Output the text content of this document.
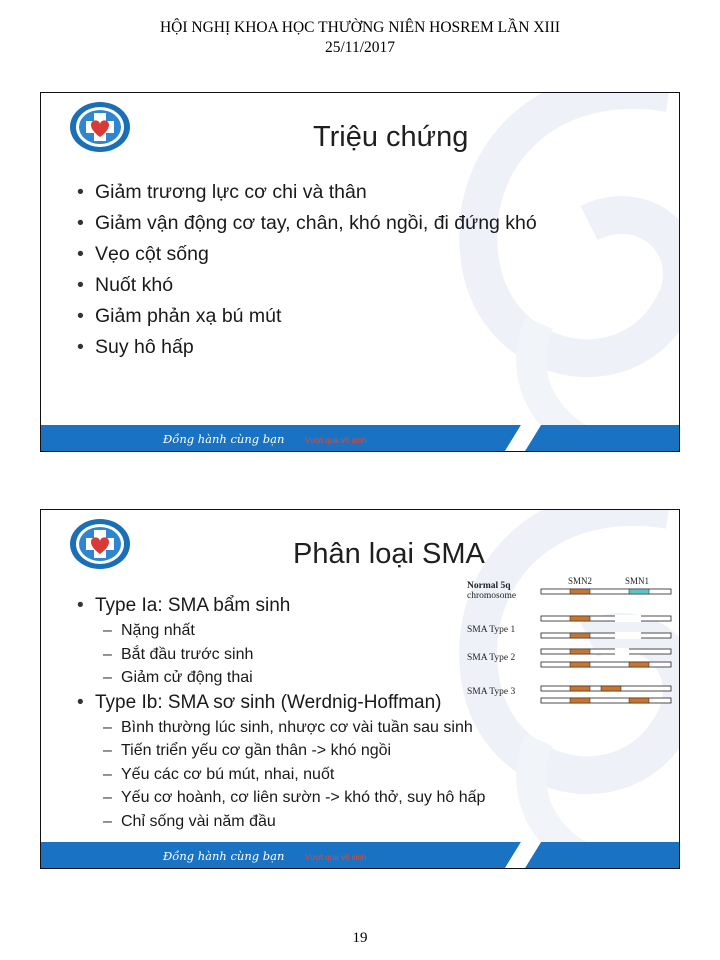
HỘI NGHỊ KHOA HỌC THƯỜNG NIÊN HOSREM LẦN XIII
25/11/2017
Triệu chứng
• Giảm trương lực cơ chi và thân
• Giảm vận động cơ tay, chân, khó ngồi, đi đứng khó
• Vẹo cột sống
• Nuốt khó
• Giảm phản xạ bú mút
• Suy hô hấp
Đồng hành cùng bạn	Vượt qua vô sinh
Phân loại SMA
SMN2	SMN1
Normal 5q
chromosome
SMA Type 1
SMA Type 2
SMA Type 3
• Type Ia: SMA bẩm sinh
– Nặng nhất
– Bắt đầu trước sinh
– Giảm cử động thai
• Type Ib: SMA sơ sinh (Werdnig-Hoffman)
– Bình thường lúc sinh, nhược cơ vài tuần sau sinh
– Tiến triển yếu cơ gần thân -> khó ngồi
– Yếu các cơ bú mút, nhai, nuốt
– Yếu cơ hoành, cơ liên sườn -> khó thở, suy hô hấp
– Chỉ sống vài năm đầu
Đồng hành cùng bạn	Vượt qua vô sinh
19
